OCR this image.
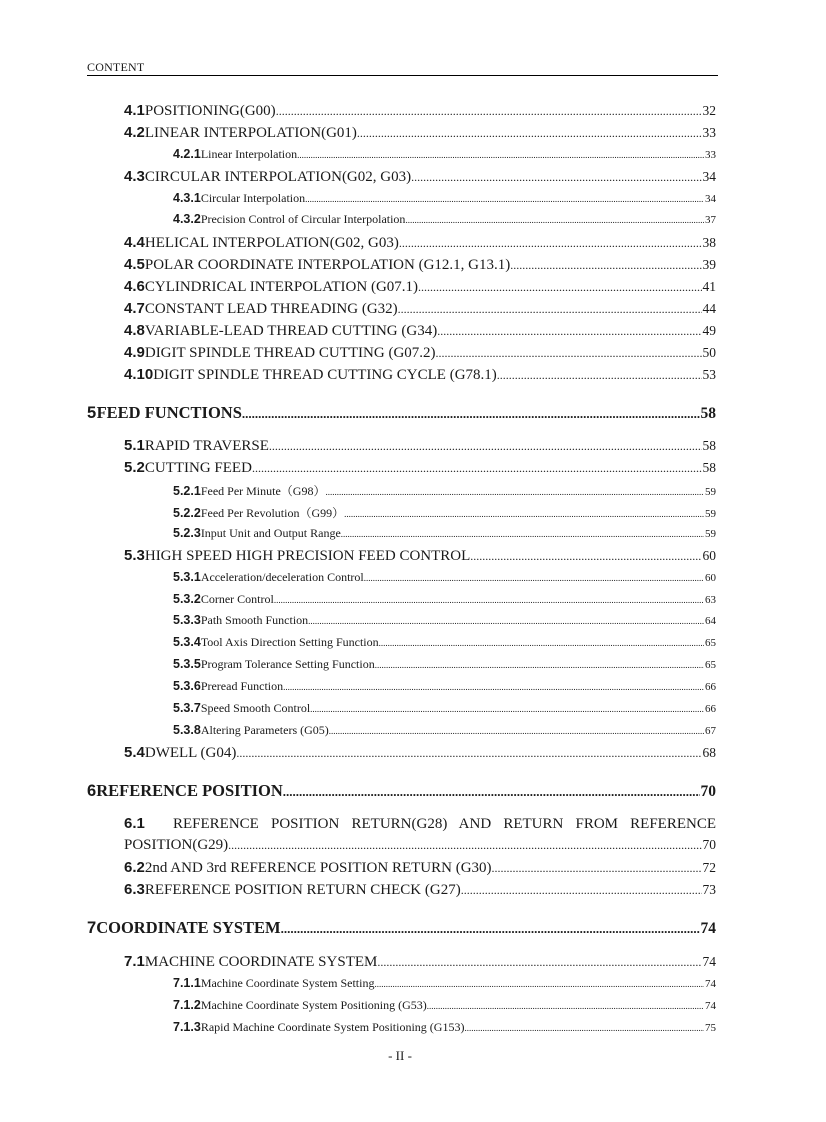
CONTENT
4.1 POSITIONING(G00) .....	32
4.2 LINEAR INTERPOLATION(G01) .....	33
4.2.1 Linear Interpolation .....	33
4.3 CIRCULAR INTERPOLATION(G02, G03) .....	34
4.3.1 Circular Interpolation .....	34
4.3.2 Precision Control of Circular Interpolation .....	37
4.4 HELICAL INTERPOLATION(G02, G03) .....	38
4.5 POLAR COORDINATE INTERPOLATION (G12.1, G13.1) .....	39
4.6 CYLINDRICAL INTERPOLATION (G07.1) .....	41
4.7 CONSTANT LEAD THREADING (G32) .....	44
4.8 VARIABLE-LEAD THREAD CUTTING (G34) .....	49
4.9 DIGIT SPINDLE THREAD CUTTING (G07.2) .....	50
4.10 DIGIT SPINDLE THREAD CUTTING CYCLE (G78.1) .....	53
5 FEED FUNCTIONS .....	58
5.1 RAPID TRAVERSE .....	58
5.2 CUTTING FEED .....	58
5.2.1 Feed Per Minute（G98） .....	59
5.2.2 Feed Per Revolution（G99） .....	59
5.2.3 Input Unit and Output Range .....	59
5.3 HIGH SPEED HIGH PRECISION FEED CONTROL .....	60
5.3.1 Acceleration/deceleration Control .....	60
5.3.2 Corner Control .....	63
5.3.3 Path Smooth Function .....	64
5.3.4 Tool Axis Direction Setting Function .....	65
5.3.5 Program Tolerance Setting Function .....	65
5.3.6 Preread Function .....	66
5.3.7 Speed Smooth Control .....	66
5.3.8 Altering Parameters (G05) .....	67
5.4 DWELL (G04) .....	68
6 REFERENCE POSITION .....	70
6.1	REFERENCE POSITION RETURN(G28) AND RETURN FROM REFERENCE
POSITION(G29) .....	70
6.2 2nd AND 3rd REFERENCE POSITION RETURN (G30) .....	72
6.3 REFERENCE POSITION RETURN CHECK (G27) .....	73
7 COORDINATE SYSTEM .....	74
7.1 MACHINE COORDINATE SYSTEM .....	74
7.1.1 Machine Coordinate System Setting .....	74
7.1.2 Machine Coordinate System Positioning (G53) .....	74
7.1.3 Rapid Machine Coordinate System Positioning (G153) .....	75
- II -
